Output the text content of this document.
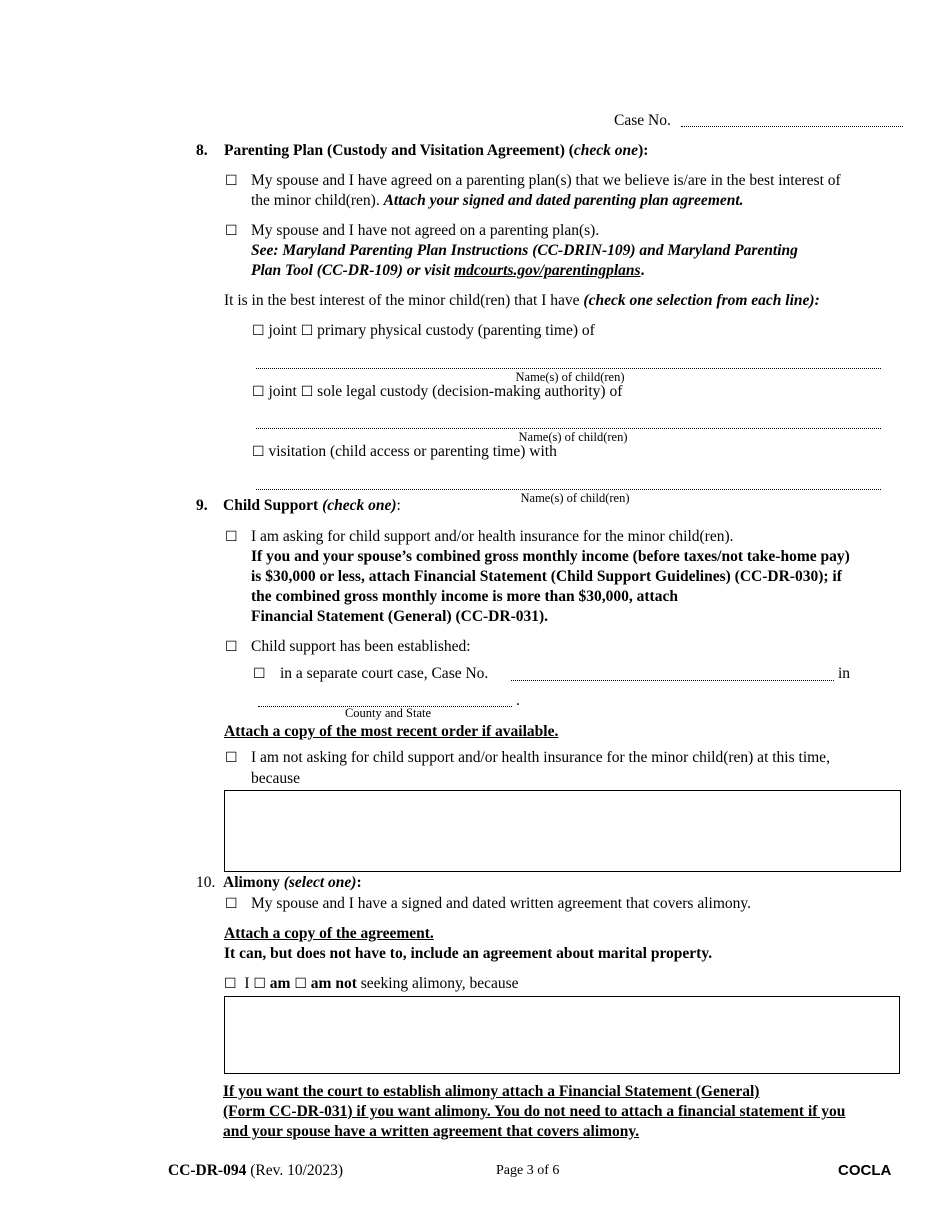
Case No.
8. Parenting Plan (Custody and Visitation Agreement) (check one):
☐ My spouse and I have agreed on a parenting plan(s) that we believe is/are in the best interest of
the minor child(ren). Attach your signed and dated parenting plan agreement.
☐ My spouse and I have not agreed on a parenting plan(s).
See: Maryland Parenting Plan Instructions (CC-DRIN-109) and Maryland Parenting
Plan Tool (CC-DR-109) or visit mdcourts.gov/parentingplans.
It is in the best interest of the minor child(ren) that I have (check one selection from each line):
☐ joint ☐ primary physical custody (parenting time) of
Name(s) of child(ren)
☐ joint ☐ sole legal custody (decision-making authority) of
Name(s) of child(ren)
☐ visitation (child access or parenting time) with
Name(s) of child(ren)
9. Child Support (check one):
☐ I am asking for child support and/or health insurance for the minor child(ren).
If you and your spouse’s combined gross monthly income (before taxes/not take-home pay)
is $30,000 or less, attach Financial Statement (Child Support Guidelines) (CC-DR-030); if
the combined gross monthly income is more than $30,000, attach
Financial Statement (General) (CC-DR-031).
☐ Child support has been established:
☐ in a separate court case, Case No.	in
.
County and State
Attach a copy of the most recent order if available.
☐ I am not asking for child support and/or health insurance for the minor child(ren) at this time,
because
10. Alimony (select one):
☐ My spouse and I have a signed and dated written agreement that covers alimony.
Attach a copy of the agreement.
It can, but does not have to, include an agreement about marital property.
☐ I ☐ am ☐ am not seeking alimony, because
If you want the court to establish alimony attach a Financial Statement (General)
(Form CC-DR-031) if you want alimony. You do not need to attach a financial statement if you
and your spouse have a written agreement that covers alimony.
CC-DR-094 (Rev. 10/2023)	Page 3 of 6	COCLA
